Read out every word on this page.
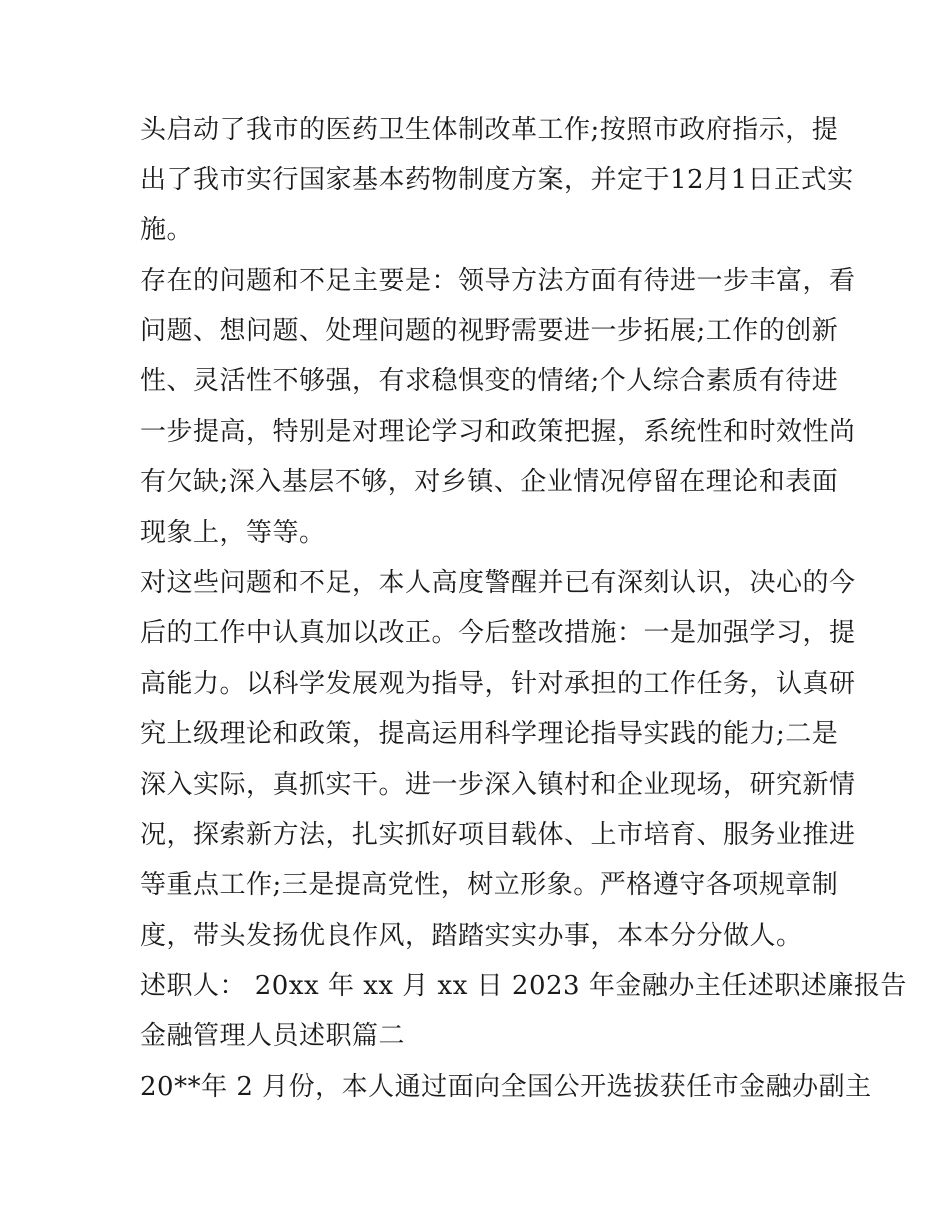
头启动了我市的医药卫生体制改革工作;按照市政府指示，提
出了我市实行国家基本药物制度方案，并定于12月1日正式实
施。
存在的问题和不足主要是：领导方法方面有待进一步丰富，看
问题、想问题、处理问题的视野需要进一步拓展;工作的创新
性、灵活性不够强，有求稳惧变的情绪;个人综合素质有待进
一步提高，特别是对理论学习和政策把握，系统性和时效性尚
有欠缺;深入基层不够，对乡镇、企业情况停留在理论和表面
现象上，等等。
对这些问题和不足，本人高度警醒并已有深刻认识，决心的今
后的工作中认真加以改正。今后整改措施：一是加强学习，提
高能力。以科学发展观为指导，针对承担的工作任务，认真研
究上级理论和政策，提高运用科学理论指导实践的能力;二是
深入实际，真抓实干。进一步深入镇村和企业现场，研究新情
况，探索新方法，扎实抓好项目载体、上市培育、服务业推进
等重点工作;三是提高党性，树立形象。严格遵守各项规章制
度，带头发扬优良作风，踏踏实实办事，本本分分做人。
述职人： 20xx 年 xx 月 xx 日 2023 年金融办主任述职述廉报告
金融管理人员述职篇二
20**年 2 月份，本人通过面向全国公开选拔获任市金融办副主
